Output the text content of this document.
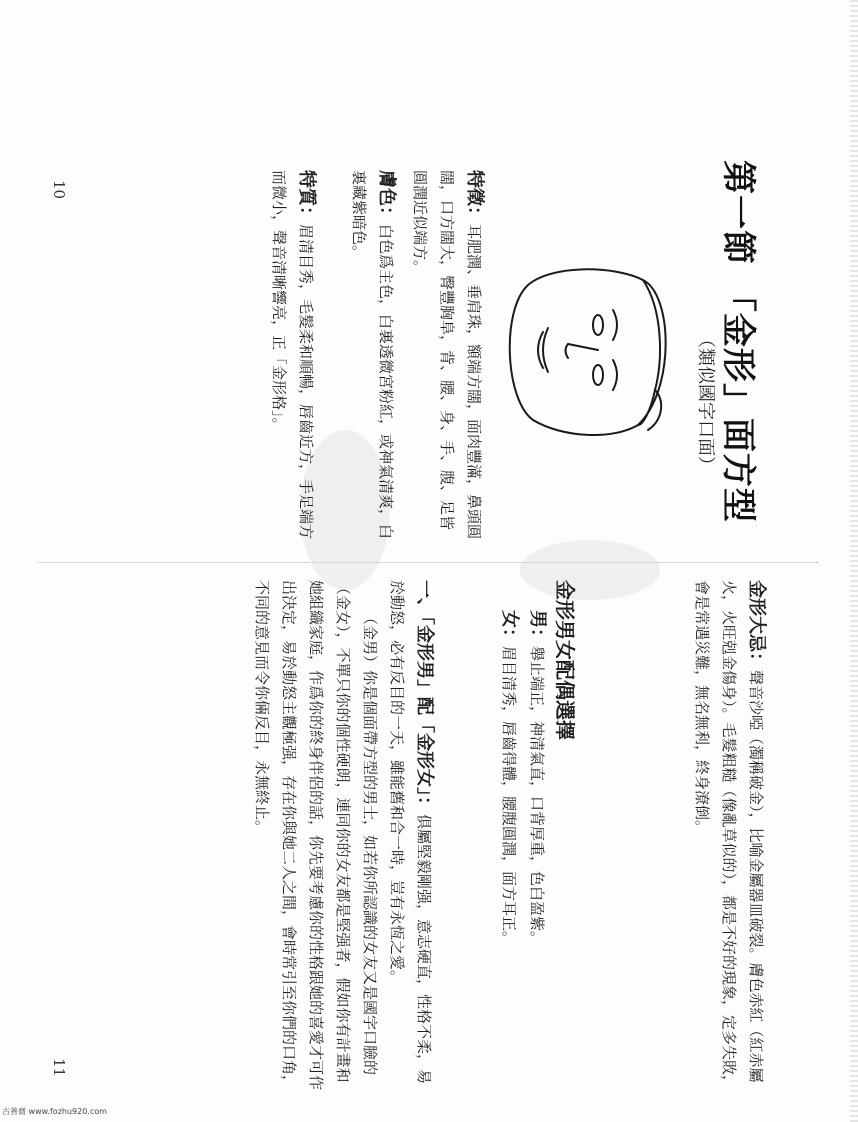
第一節 「金形」面方型
（類似國字口面）
特徵：耳肥潤、垂肩珠，額端方闊，面肉豐滿，鼻頭圓闊，口方闊大，臀豐胸阜，背、腰、身、手、腹、足皆圓潤近似端方。
膚色：白色爲主色，白裏透微宮粉紅，或神氣清爽，白裏藏紫暗色。
特質：眉清目秀，毛髮柔和順暢，唇齒近方，手足端方而微小，聲音清晰響亮，正「金形格」。
10
金形大忌：聲音沙啞（濁稱破金），比喻金屬器皿破裂。膚色赤紅（紅赤屬火，火旺剋金傷身）。毛髮粗糙（像亂草似的），都是不好的現象，定多失敗，會是常遇災難，無名無利，終身潦倒。
金形男女配偶選擇
男：舉止端正，神清氣直，口背厚重，色白盈紫。
女：眉目清秀，唇齒得體，腰腹圓潤，面方耳正。
一、「金形男」配「金形女」：俱屬堅毅剛强，意志硬直，性格不柔，易於動怒，必有反目的一天，雖能舊和合一時，豈有永恆之愛。
（金男）你是個面帶方型的男士，如若你所認識的女友又是國字口臉的（金女），不單只你的個性硬朗，連同你的女友都是堅强者，假如你有計畫和她組織家庭，作爲你的終身伴侶的話，你先要考慮你的性格跟她的喜愛才可作出決定，易於動怒主觀極强，存在你與她二人之間，會時常引至你們的口角，不同的意見而令你倆反目，永無終止。
11
古善齋 www.fozhu920.com
